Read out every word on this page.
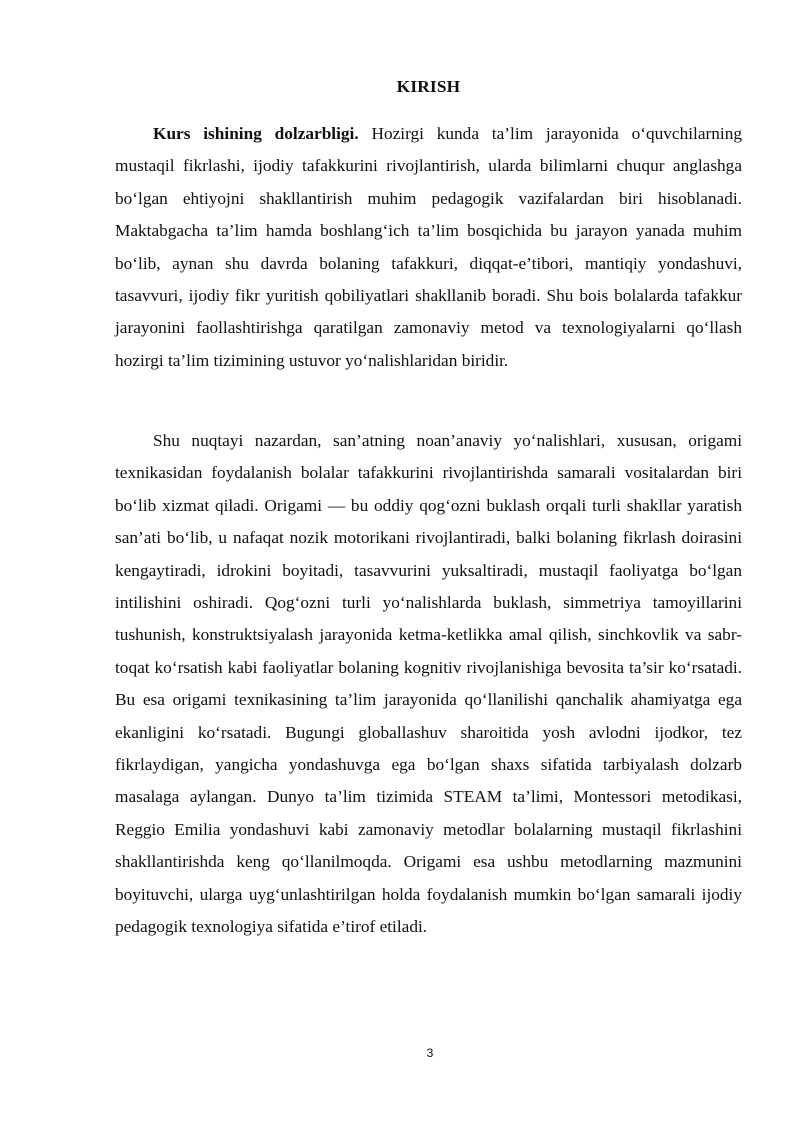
KIRISH

Kurs ishining dolzarbligi. Hozirgi kunda ta’lim jarayonida o‘quvchilarning mustaqil fikrlashi, ijodiy tafakkurini rivojlantirish, ularda bilimlarni chuqur anglashga bo‘lgan ehtiyojni shakllantirish muhim pedagogik vazifalardan biri hisoblanadi. Maktabgacha ta’lim hamda boshlang‘ich ta’lim bosqichida bu jarayon yanada muhim bo‘lib, aynan shu davrda bolaning tafakkuri, diqqat-e’tibori, mantiqiy yondashuvi, tasavvuri, ijodiy fikr yuritish qobiliyatlari shakllanib boradi. Shu bois bolalarda tafakkur jarayonini faollashtirishga qaratilgan zamonaviy metod va texnologiyalarni qo‘llash hozirgi ta’lim tizimining ustuvor yo‘nalishlaridan biridir.

Shu nuqtayi nazardan, san’atning noan’anaviy yo‘nalishlari, xususan, origami texnikasidan foydalanish bolalar tafakkurini rivojlantirishda samarali vositalardan biri bo‘lib xizmat qiladi. Origami — bu oddiy qog‘ozni buklash orqali turli shakllar yaratish san’ati bo‘lib, u nafaqat nozik motorikani rivojlantiradi, balki bolaning fikrlash doirasini kengaytiradi, idrokini boyitadi, tasavvurini yuksaltiradi, mustaqil faoliyatga bo‘lgan intilishini oshiradi. Qog‘ozni turli yo‘nalishlarda buklash, simmetriya tamoyillarini tushunish, konstruktsiyalash jarayonida ketma-ketlikka amal qilish, sinchkovlik va sabr-toqat ko‘rsatish kabi faoliyatlar bolaning kognitiv rivojlanishiga bevosita ta’sir ko‘rsatadi. Bu esa origami texnikasining ta’lim jarayonida qo‘llanilishi qanchalik ahamiyatga ega ekanligini ko‘rsatadi. Bugungi globallashuv sharoitida yosh avlodni ijodkor, tez fikrlaydigan, yangicha yondashuvga ega bo‘lgan shaxs sifatida tarbiyalash dolzarb masalaga aylangan. Dunyo ta’lim tizimida STEAM ta’limi, Montessori metodikasi, Reggio Emilia yondashuvi kabi zamonaviy metodlar bolalarning mustaqil fikrlashini shakllantirishda keng qo‘llanilmoqda. Origami esa ushbu metodlarning mazmunini boyituvchi, ularga uyg‘unlashtirilgan holda foydalanish mumkin bo‘lgan samarali ijodiy pedagogik texnologiya sifatida e’tirof etiladi.

3
